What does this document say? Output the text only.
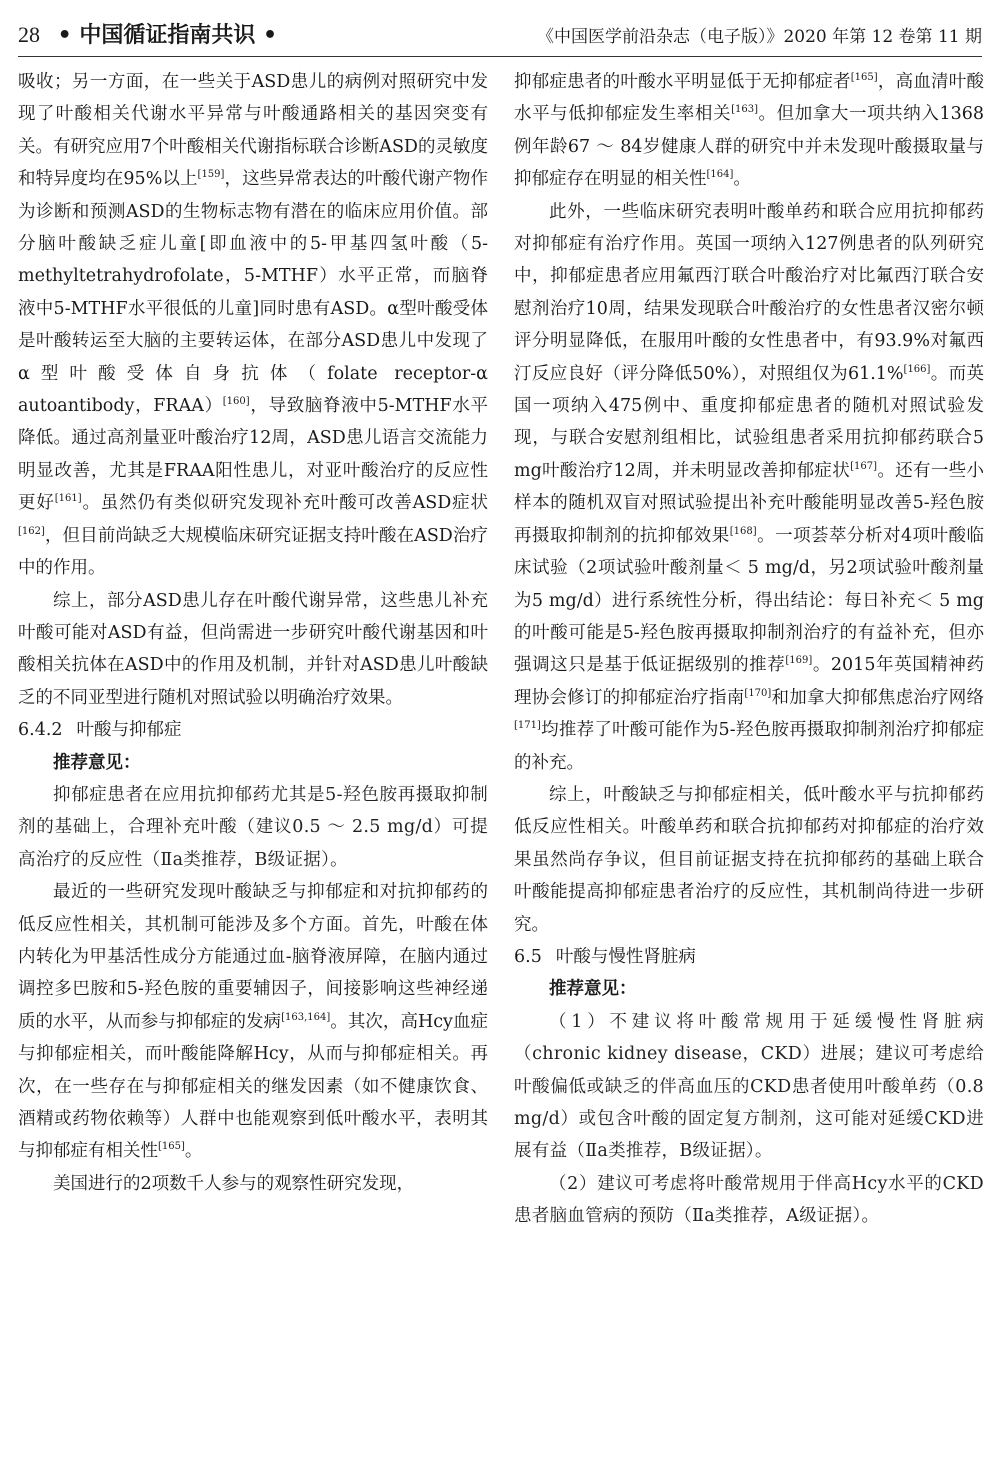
28 • 中国循证指南共识 •	《中国医学前沿杂志（电子版）》2020 年第 12 卷第 11 期

吸收；另一方面，在一些关于ASD患儿的病例对照研究中发现了叶酸相关代谢水平异常与叶酸通路相关的基因突变有关。有研究应用7个叶酸相关代谢指标联合诊断ASD的灵敏度和特异度均在95%以上[159]，这些异常表达的叶酸代谢产物作为诊断和预测ASD的生物标志物有潜在的临床应用价值。部分脑叶酸缺乏症儿童[即血液中的5-甲基四氢叶酸（5-methyltetrahydrofolate，5-MTHF）水平正常，而脑脊液中5-MTHF水平很低的儿童]同时患有ASD。α型叶酸受体是叶酸转运至大脑的主要转运体，在部分ASD患儿中发现了α型叶酸受体自身抗体（folate receptor-α autoantibody，FRAA）[160]，导致脑脊液中5-MTHF水平降低。通过高剂量亚叶酸治疗12周，ASD患儿语言交流能力明显改善，尤其是FRAA阳性患儿，对亚叶酸治疗的反应性更好[161]。虽然仍有类似研究发现补充叶酸可改善ASD症状[162]，但目前尚缺乏大规模临床研究证据支持叶酸在ASD治疗中的作用。

综上，部分ASD患儿存在叶酸代谢异常，这些患儿补充叶酸可能对ASD有益，但尚需进一步研究叶酸代谢基因和叶酸相关抗体在ASD中的作用及机制，并针对ASD患儿叶酸缺乏的不同亚型进行随机对照试验以明确治疗效果。

6.4.2 叶酸与抑郁症

推荐意见：

抑郁症患者在应用抗抑郁药尤其是5-羟色胺再摄取抑制剂的基础上，合理补充叶酸（建议0.5 ～ 2.5 mg/d）可提高治疗的反应性（Ⅱa类推荐，B级证据）。

最近的一些研究发现叶酸缺乏与抑郁症和对抗抑郁药的低反应性相关，其机制可能涉及多个方面。首先，叶酸在体内转化为甲基活性成分方能通过血-脑脊液屏障，在脑内通过调控多巴胺和5-羟色胺的重要辅因子，间接影响这些神经递质的水平，从而参与抑郁症的发病[163,164]。其次，高Hcy血症与抑郁症相关，而叶酸能降解Hcy，从而与抑郁症相关。再次，在一些存在与抑郁症相关的继发因素（如不健康饮食、酒精或药物依赖等）人群中也能观察到低叶酸水平，表明其与抑郁症有相关性[165]。

美国进行的2项数千人参与的观察性研究发现，

抑郁症患者的叶酸水平明显低于无抑郁症者[165]，高血清叶酸水平与低抑郁症发生率相关[163]。但加拿大一项共纳入1368例年龄67 ～ 84岁健康人群的研究中并未发现叶酸摄取量与抑郁症存在明显的相关性[164]。

此外，一些临床研究表明叶酸单药和联合应用抗抑郁药对抑郁症有治疗作用。英国一项纳入127例患者的队列研究中，抑郁症患者应用氟西汀联合叶酸治疗对比氟西汀联合安慰剂治疗10周，结果发现联合叶酸治疗的女性患者汉密尔顿评分明显降低，在服用叶酸的女性患者中，有93.9%对氟西汀反应良好（评分降低50%），对照组仅为61.1%[166]。而英国一项纳入475例中、重度抑郁症患者的随机对照试验发现，与联合安慰剂组相比，试验组患者采用抗抑郁药联合5 mg叶酸治疗12周，并未明显改善抑郁症状[167]。还有一些小样本的随机双盲对照试验提出补充叶酸能明显改善5-羟色胺再摄取抑制剂的抗抑郁效果[168]。一项荟萃分析对4项叶酸临床试验（2项试验叶酸剂量＜ 5 mg/d，另2项试验叶酸剂量为5 mg/d）进行系统性分析，得出结论：每日补充＜ 5 mg的叶酸可能是5-羟色胺再摄取抑制剂治疗的有益补充，但亦强调这只是基于低证据级别的推荐[169]。2015年英国精神药理协会修订的抑郁症治疗指南[170]和加拿大抑郁焦虑治疗网络[171]均推荐了叶酸可能作为5-羟色胺再摄取抑制剂治疗抑郁症的补充。

综上，叶酸缺乏与抑郁症相关，低叶酸水平与抗抑郁药低反应性相关。叶酸单药和联合抗抑郁药对抑郁症的治疗效果虽然尚存争议，但目前证据支持在抗抑郁药的基础上联合叶酸能提高抑郁症患者治疗的反应性，其机制尚待进一步研究。

6.5 叶酸与慢性肾脏病

推荐意见：

（1）不建议将叶酸常规用于延缓慢性肾脏病（chronic kidney disease，CKD）进展；建议可考虑给叶酸偏低或缺乏的伴高血压的CKD患者使用叶酸单药（0.8 mg/d）或包含叶酸的固定复方制剂，这可能对延缓CKD进展有益（Ⅱa类推荐，B级证据）。

（2）建议可考虑将叶酸常规用于伴高Hcy水平的CKD患者脑血管病的预防（Ⅱa类推荐，A级证据）。
